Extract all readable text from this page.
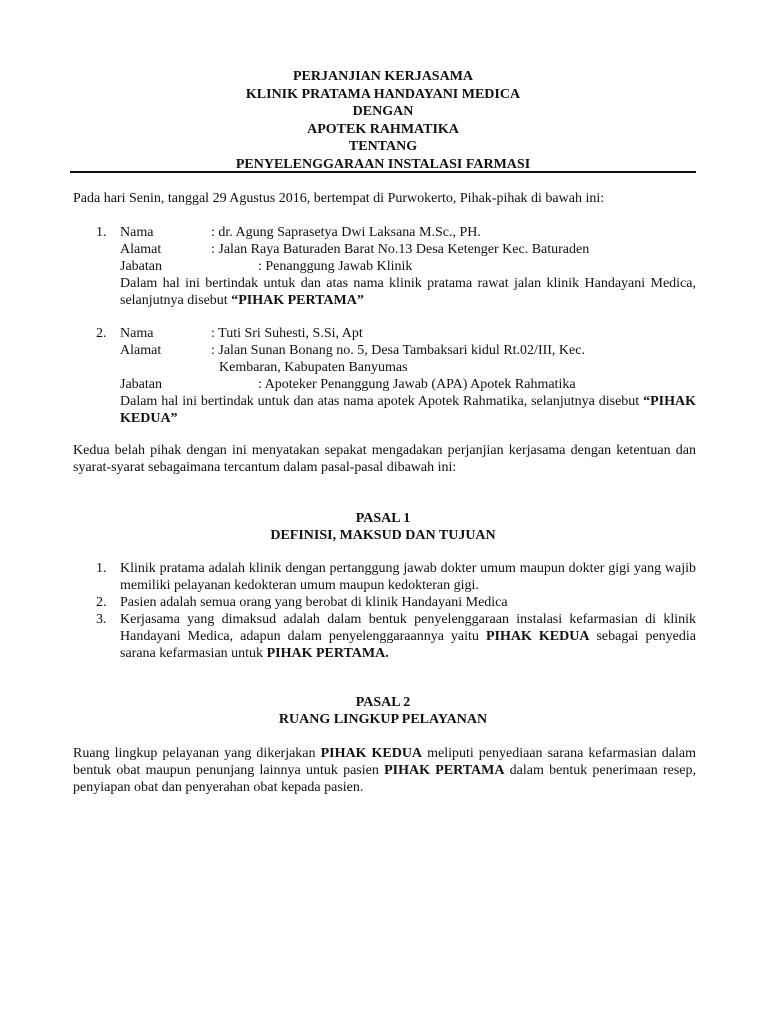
PERJANJIAN KERJASAMA
KLINIK PRATAMA HANDAYANI MEDICA
DENGAN
APOTEK RAHMATIKA
TENTANG
PENYELENGGARAAN INSTALASI FARMASI
Pada hari Senin, tanggal 29 Agustus 2016, bertempat di Purwokerto, Pihak-pihak di bawah ini:
1. Nama	: dr. Agung Saprasetya Dwi Laksana M.Sc., PH.
Alamat	: Jalan Raya Baturaden Barat No.13 Desa Ketenger Kec. Baturaden
Jabatan	: Penanggung Jawab Klinik
Dalam hal ini bertindak untuk dan atas nama klinik pratama rawat jalan klinik Handayani Medica, selanjutnya disebut “PIHAK PERTAMA”
2. Nama	: Tuti Sri Suhesti, S.Si, Apt
Alamat	: Jalan Sunan Bonang no. 5, Desa Tambaksari kidul Rt.02/III, Kec.
Kembaran, Kabupaten Banyumas
Jabatan	: Apoteker Penanggung Jawab (APA) Apotek Rahmatika
Dalam hal ini bertindak untuk dan atas nama apotek Apotek Rahmatika, selanjutnya disebut “PIHAK KEDUA”
Kedua belah pihak dengan ini menyatakan sepakat mengadakan perjanjian kerjasama dengan ketentuan dan syarat-syarat sebagaimana tercantum dalam pasal-pasal dibawah ini:
PASAL 1
DEFINISI, MAKSUD DAN TUJUAN
1. Klinik pratama adalah klinik dengan pertanggung jawab dokter umum maupun dokter gigi yang wajib memiliki pelayanan kedokteran umum maupun kedokteran gigi.
2. Pasien adalah semua orang yang berobat di klinik Handayani Medica
3. Kerjasama yang dimaksud adalah dalam bentuk penyelenggaraan instalasi kefarmasian di klinik Handayani Medica, adapun dalam penyelenggaraannya yaitu PIHAK KEDUA sebagai penyedia sarana kefarmasian untuk PIHAK PERTAMA.
PASAL 2
RUANG LINGKUP PELAYANAN
Ruang lingkup pelayanan yang dikerjakan PIHAK KEDUA meliputi penyediaan sarana kefarmasian dalam bentuk obat maupun penunjang lainnya untuk pasien PIHAK PERTAMA dalam bentuk penerimaan resep, penyiapan obat dan penyerahan obat kepada pasien.
